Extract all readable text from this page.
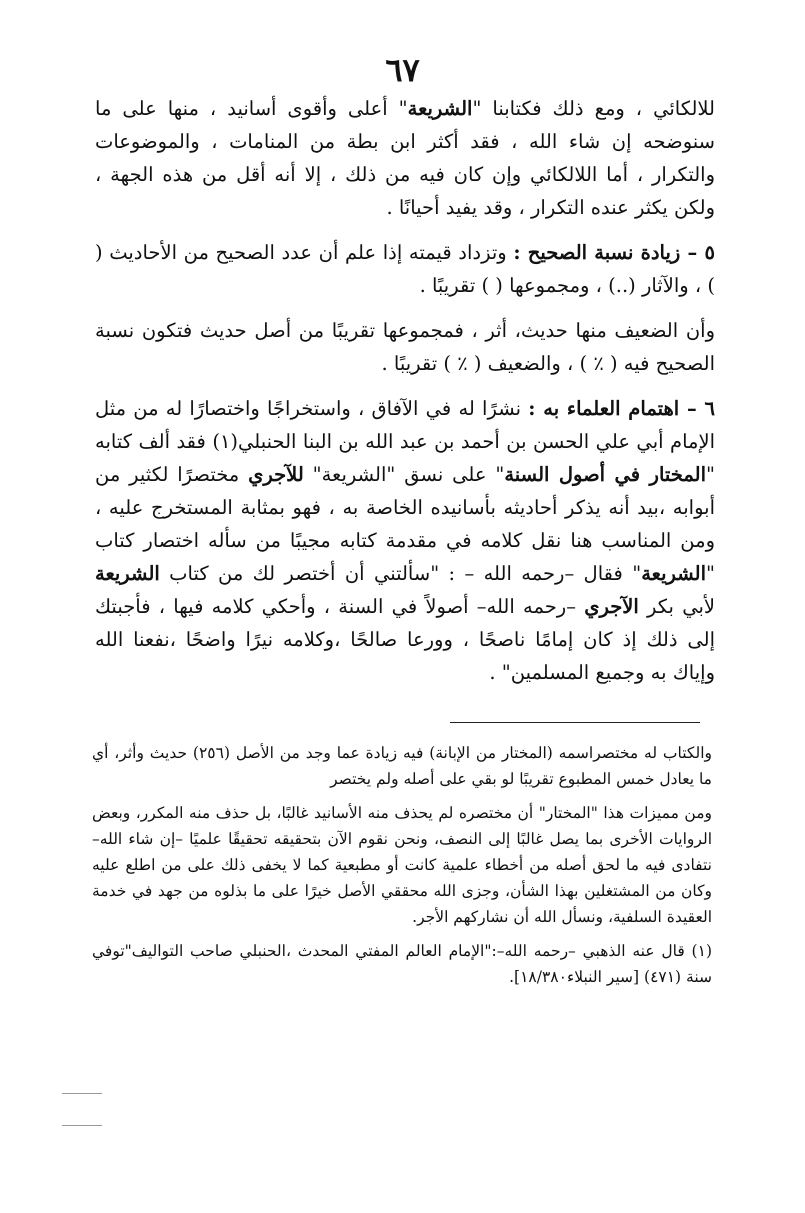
٦٧

للالكائي ، ومع ذلك فكتابنا "الشريعة" أعلى وأقوى أسانيد ، منها على ما سنوضحه إن شاء الله ، فقد أكثر ابن بطة من المنامات ، والموضوعات والتكرار ، أما اللالكائي وإن كان فيه من ذلك ، إلا أنه أقل من هذه الجهة ، ولكن يكثر عنده التكرار ، وقد يفيد أحيانًا .

٥ – زيادة نسبة الصحيح : وتزداد قيمته إذا علم أن عدد الصحيح من الأحاديث ( ) ، والآثار (..) ، ومجموعها ( ) تقريبًا .

وأن الضعيف منها حديث، أثر ، فمجموعها تقريبًا من أصل حديث فتكون نسبة الصحيح فيه ( ٪ ) ، والضعيف ( ٪ ) تقريبًا .

٦ – اهتمام العلماء به : نشرًا له في الآفاق ، واستخراجًا واختصارًا له من مثل الإمام أبي علي الحسن بن أحمد بن عبد الله بن البنا الحنبلي(١) فقد ألف كتابه "المختار في أصول السنة" على نسق "الشريعة" للآجري مختصرًا لكثير من أبوابه ،بيد أنه يذكر أحاديثه بأسانيده الخاصة به ، فهو بمثابة المستخرج عليه ، ومن المناسب هنا نقل كلامه في مقدمة كتابه مجيبًا من سأله اختصار كتاب "الشريعة" فقال –رحمه الله – : "سألتني أن أختصر لك من كتاب الشريعة لأبي بكر الآجري –رحمه الله– أصولاً في السنة ، وأحكي كلامه فيها ، فأجبتك إلى ذلك إذ كان إمامًا ناصحًا ، وورعا صالحًا ،وكلامه نيرًا واضحًا ،نفعنا الله وإياك به وجميع المسلمين" .

والكتاب له مختصراسمه (المختار من الإبانة) فيه زيادة عما وجد من الأصل (٢٥٦) حديث وأثر، أي ما يعادل خمس المطبوع تقريبًا لو بقي على أصله ولم يختصر

ومن مميزات هذا "المختار" أن مختصره لم يحذف منه الأسانيد غالبًا، بل حذف منه المكرر، وبعض الروايات الأخرى بما يصل غالبًا إلى النصف، ونحن نقوم الآن بتحقيقه تحقيقًا علميًا –إن شاء الله– نتفادى فيه ما لحق أصله من أخطاء علمية كانت أو مطبعية كما لا يخفى ذلك على من اطلع عليه وكان من المشتغلين بهذا الشأن، وجزى الله محققي الأصل خيرًا على ما بذلوه من جهد في خدمة العقيدة السلفية، ونسأل الله أن نشاركهم الأجر.

(١) قال عنه الذهبي –رحمه الله–:"الإمام العالم المفتي المحدث ،الحنبلي صاحب التواليف"توفي سنة (٤٧١) [سير النبلاء١٨/٣٨٠].
